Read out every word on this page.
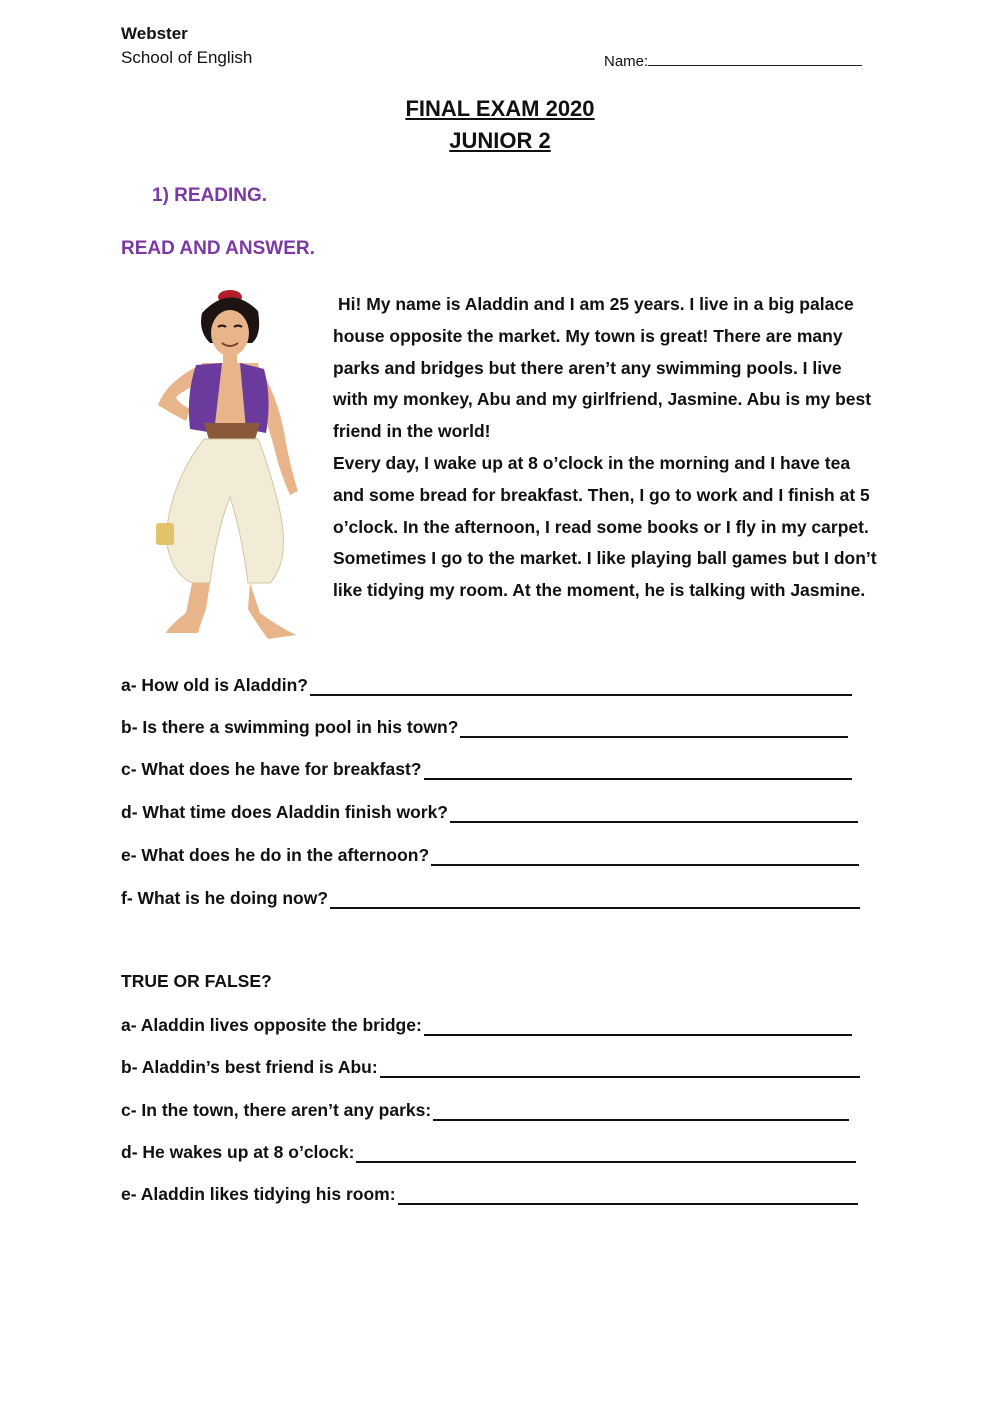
Webster
School of English	Name:
FINAL EXAM 2020
JUNIOR 2
1) READING.
READ AND ANSWER.

Hi! My name is Aladdin and I am 25 years. I live in a big palace house opposite the market. My town is great! There are many parks and bridges but there aren’t any swimming pools. I live with my monkey, Abu and my girlfriend, Jasmine. Abu is my best friend in the world!

Every day, I wake up at 8 o’clock in the morning and I have tea and some bread for breakfast. Then, I go to work and I finish at 5 o’clock. In the afternoon, I read some books or I fly in my carpet. Sometimes I go to the market. I like playing ball games but I don’t like tidying my room. At the moment, he is talking with Jasmine.

a- How old is Aladdin?
b- Is there a swimming pool in his town?
c- What does he have for breakfast?
d- What time does Aladdin finish work?
e- What does he do in the afternoon?
f- What is he doing now?
TRUE OR FALSE?
a- Aladdin lives opposite the bridge:
b- Aladdin’s best friend is Abu:
c- In the town, there aren’t any parks:
d- He wakes up at 8 o’clock:
e- Aladdin likes tidying his room:
